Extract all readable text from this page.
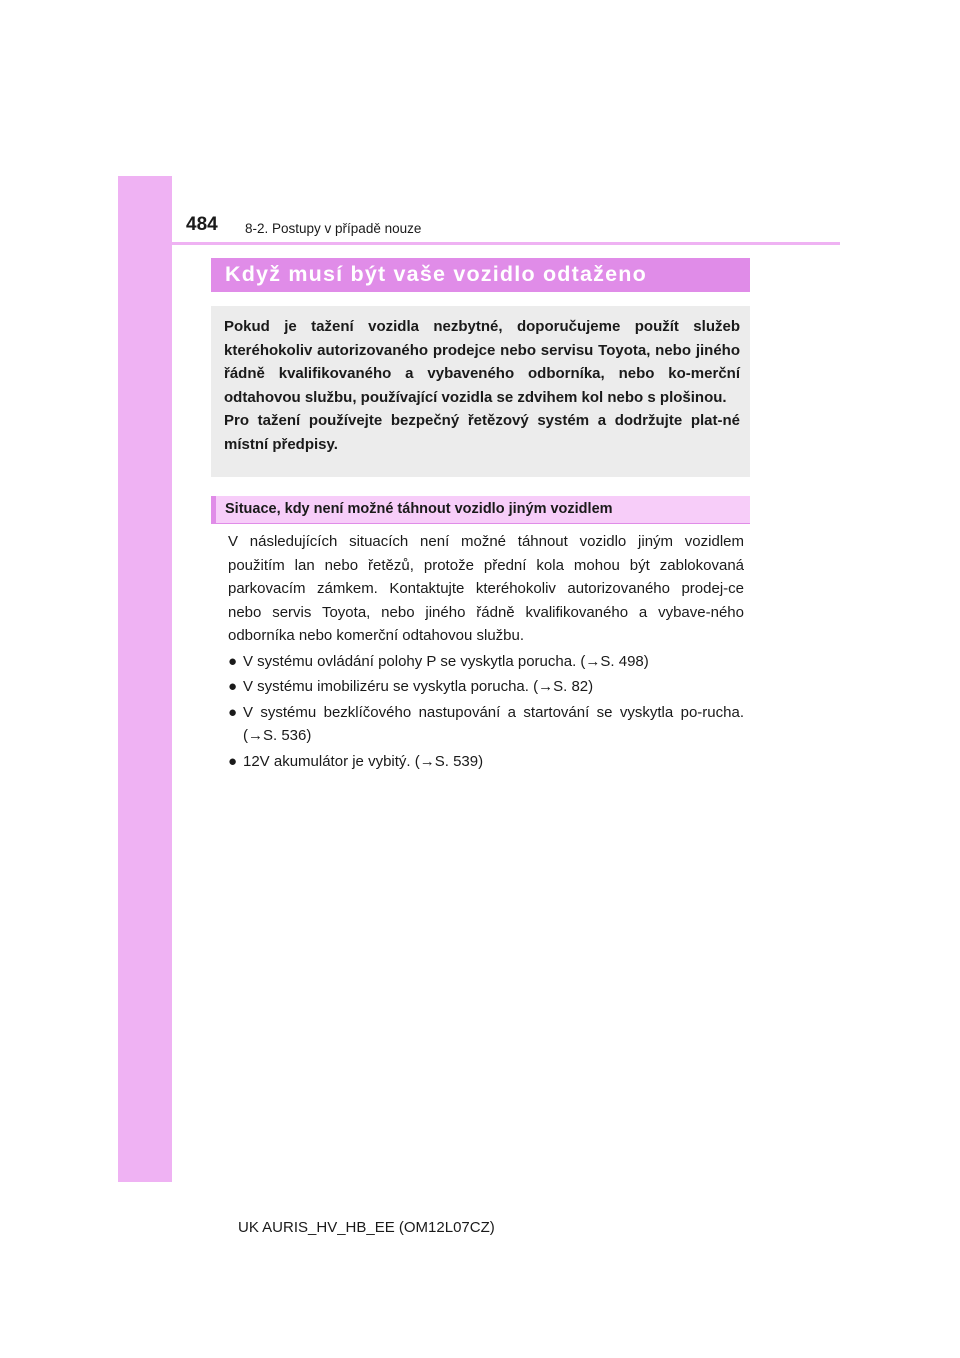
484 8-2. Postupy v případě nouze
Když musí být vaše vozidlo odtaženo

Pokud je tažení vozidla nezbytné, doporučujeme použít služeb kteréhokoliv autorizovaného prodejce nebo servisu Toyota, nebo jiného řádně kvalifikovaného a vybaveného odborníka, nebo ko-merční odtahovou službu, používající vozidla se zdvihem kol nebo s plošinou.

Pro tažení používejte bezpečný řetězový systém a dodržujte plat-né místní předpisy.

Situace, kdy není možné táhnout vozidlo jiným vozidlem

V následujících situacích není možné táhnout vozidlo jiným vozidlem použitím lan nebo řetězů, protože přední kola mohou být zablokovaná parkovacím zámkem. Kontaktujte kteréhokoliv autorizovaného prodej-ce nebo servis Toyota, nebo jiného řádně kvalifikovaného a vybave-ného odborníka nebo komerční odtahovou službu.

● V systému ovládání polohy P se vyskytla porucha. (→S. 498)
● V systému imobilizéru se vyskytla porucha. (→S. 82)
● V systému bezklíčového nastupování a startování se vyskytla po-rucha. (→S. 536)
● 12V akumulátor je vybitý. (→S. 539)
UK AURIS_HV_HB_EE (OM12L07CZ)
